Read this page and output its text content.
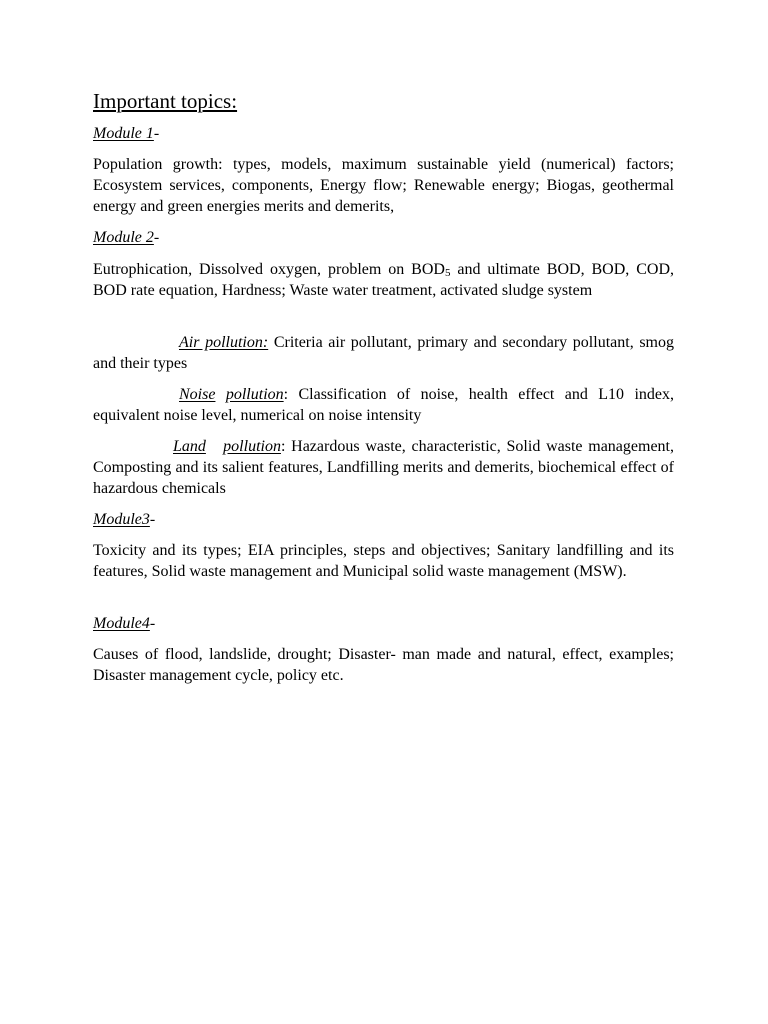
Important topics:
Module 1-
Population growth: types, models, maximum sustainable yield (numerical) factors; Ecosystem services, components, Energy flow; Renewable energy; Biogas, geothermal energy and green energies merits and demerits,
Module 2-
Eutrophication, Dissolved oxygen, problem on $BOD_5$ and ultimate BOD, BOD, COD, BOD rate equation, Hardness; Waste water treatment, activated sludge system
Air pollution: Criteria air pollutant, primary and secondary pollutant, smog and their types
Noise pollution: Classification of noise, health effect and L10 index, equivalent noise level, numerical on noise intensity
Land pollution: Hazardous waste, characteristic, Solid waste management, Composting and its salient features, Landfilling merits and demerits, biochemical effect of hazardous chemicals
Module3-
Toxicity and its types; EIA principles, steps and objectives; Sanitary landfilling and its features, Solid waste management and Municipal solid waste management (MSW).
Module4-
Causes of flood, landslide, drought; Disaster- man made and natural, effect, examples; Disaster management cycle, policy etc.
